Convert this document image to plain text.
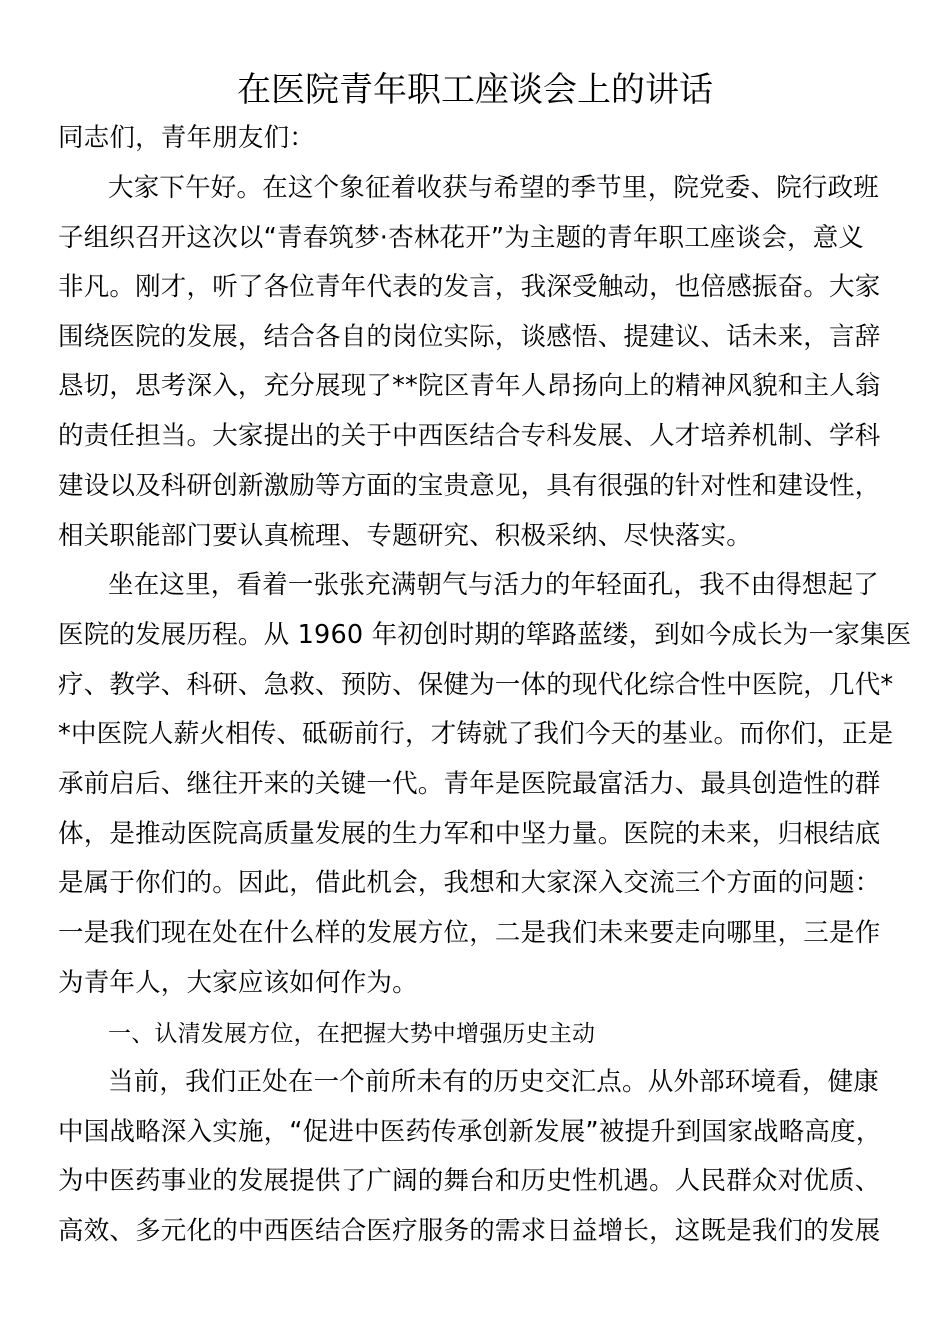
在医院青年职工座谈会上的讲话
同志们，青年朋友们：
大家下午好。在这个象征着收获与希望的季节里，院党委、院行政班
子组织召开这次以“青春筑梦·杏林花开”为主题的青年职工座谈会，意义
非凡。刚才，听了各位青年代表的发言，我深受触动，也倍感振奋。大家
围绕医院的发展，结合各自的岗位实际，谈感悟、提建议、话未来，言辞
恳切，思考深入，充分展现了**院区青年人昂扬向上的精神风貌和主人翁
的责任担当。大家提出的关于中西医结合专科发展、人才培养机制、学科
建设以及科研创新激励等方面的宝贵意见，具有很强的针对性和建设性，
相关职能部门要认真梳理、专题研究、积极采纳、尽快落实。
坐在这里，看着一张张充满朝气与活力的年轻面孔，我不由得想起了
医院的发展历程。从 1960 年初创时期的筚路蓝缕，到如今成长为一家集医
疗、教学、科研、急救、预防、保健为一体的现代化综合性中医院，几代*
*中医院人薪火相传、砥砺前行，才铸就了我们今天的基业。而你们，正是
承前启后、继往开来的关键一代。青年是医院最富活力、最具创造性的群
体，是推动医院高质量发展的生力军和中坚力量。医院的未来，归根结底
是属于你们的。因此，借此机会，我想和大家深入交流三个方面的问题：
一是我们现在处在什么样的发展方位，二是我们未来要走向哪里，三是作
为青年人，大家应该如何作为。
一、认清发展方位，在把握大势中增强历史主动
当前，我们正处在一个前所未有的历史交汇点。从外部环境看，健康
中国战略深入实施，“促进中医药传承创新发展”被提升到国家战略高度，
为中医药事业的发展提供了广阔的舞台和历史性机遇。人民群众对优质、
高效、多元化的中西医结合医疗服务的需求日益增长，这既是我们的发展
